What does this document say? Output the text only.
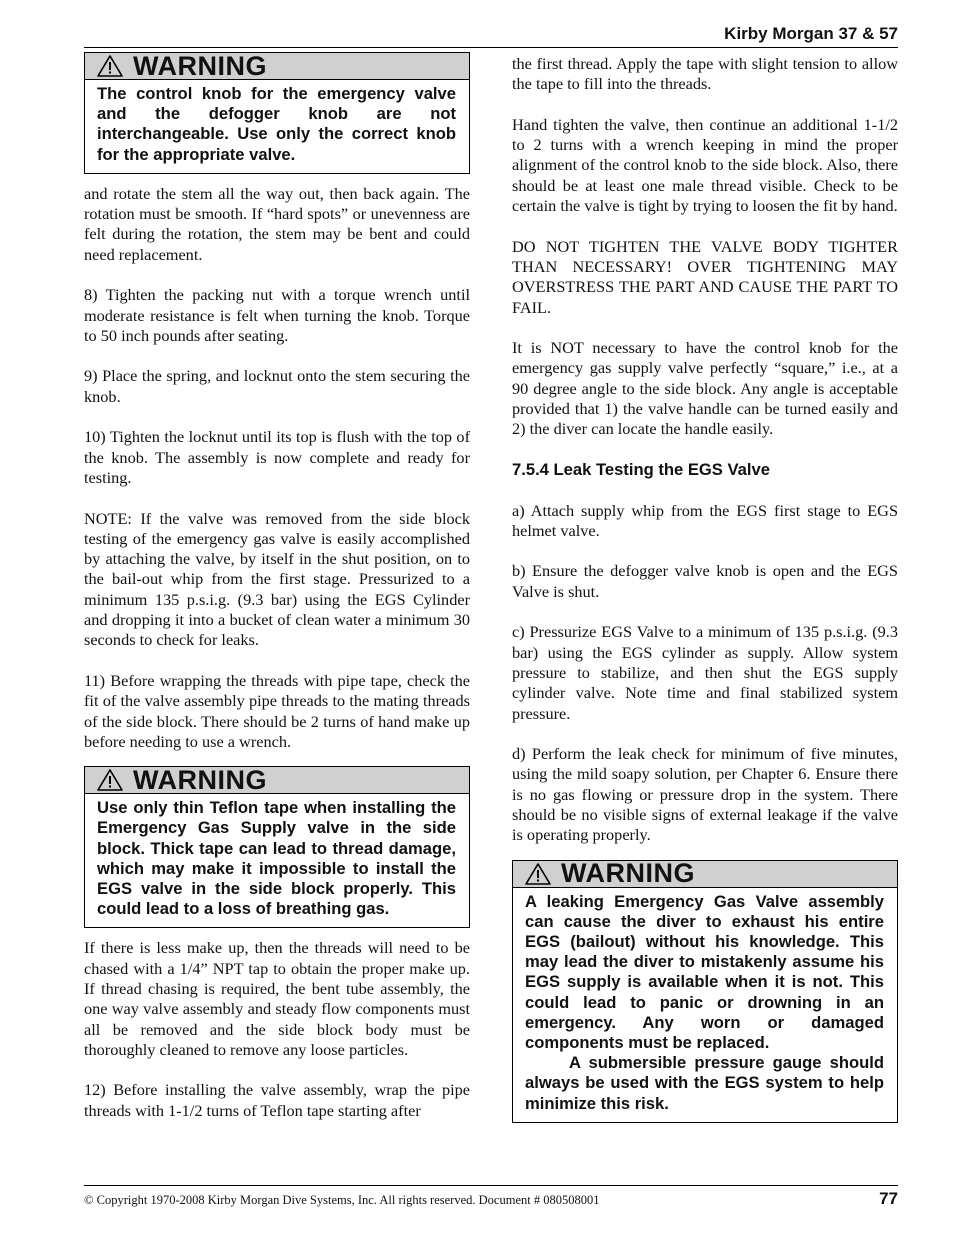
Kirby Morgan 37 & 57
WARNING
The control knob for the emergency valve and the defogger knob are not interchangeable. Use only the correct knob for the appropriate valve.

and rotate the stem all the way out, then back again. The rotation must be smooth. If “hard spots” or unevenness are felt during the rotation, the stem may be bent and could need replacement.

8) Tighten the packing nut with a torque wrench until moderate resistance is felt when turning the knob. Torque to 50 inch pounds after seating.

9) Place the spring, and locknut onto the stem securing the knob.

10) Tighten the locknut until its top is flush with the top of the knob. The assembly is now complete and ready for testing.

NOTE: If the valve was removed from the side block testing of the emergency gas valve is easily accomplished by attaching the valve, by itself in the shut position, on to the bail-out whip from the first stage. Pressurized to a minimum 135 p.s.i.g. (9.3 bar) using the EGS Cylinder and dropping it into a bucket of clean water a minimum 30 seconds to check for leaks.

11) Before wrapping the threads with pipe tape, check the fit of the valve assembly pipe threads to the mating threads of the side block. There should be 2 turns of hand make up before needing to use a wrench.

WARNING
Use only thin Teflon tape when installing the Emergency Gas Supply valve in the side block. Thick tape can lead to thread damage, which may make it impossible to install the EGS valve in the side block properly. This could lead to a loss of breathing gas.

If there is less make up, then the threads will need to be chased with a 1/4” NPT tap to obtain the proper make up. If thread chasing is required, the bent tube assembly, the one way valve assembly and steady flow components must all be removed and the side block body must be thoroughly cleaned to remove any loose particles.

12) Before installing the valve assembly, wrap the pipe threads with 1-1/2 turns of Teflon tape starting after

the first thread. Apply the tape with slight tension to allow the tape to fill into the threads.

Hand tighten the valve, then continue an additional 1-1/2 to 2 turns with a wrench keeping in mind the proper alignment of the control knob to the side block. Also, there should be at least one male thread visible. Check to be certain the valve is tight by trying to loosen the fit by hand.

DO NOT TIGHTEN THE VALVE BODY TIGHTER THAN NECESSARY! OVER TIGHTENING MAY OVERSTRESS THE PART AND CAUSE THE PART TO FAIL.

It is NOT necessary to have the control knob for the emergency gas supply valve perfectly “square,” i.e., at a 90 degree angle to the side block. Any angle is acceptable provided that 1) the valve handle can be turned easily and 2) the diver can locate the handle easily.

7.5.4 Leak Testing the EGS Valve

a) Attach supply whip from the EGS first stage to EGS helmet valve.

b) Ensure the defogger valve knob is open and the EGS Valve is shut.

c) Pressurize EGS Valve to a minimum of 135 p.s.i.g. (9.3 bar) using the EGS cylinder as supply. Allow system pressure to stabilize, and then shut the EGS supply cylinder valve. Note time and final stabilized system pressure.

d) Perform the leak check for minimum of five minutes, using the mild soapy solution, per Chapter 6. Ensure there is no gas flowing or pressure drop in the system. There should be no visible signs of external leakage if the valve is operating properly.

WARNING

A leaking Emergency Gas Valve assembly can cause the diver to exhaust his entire EGS (bailout) without his knowledge. This may lead the diver to mistakenly assume his EGS supply is available when it is not. This could lead to panic or drowning in an emergency. Any worn or damaged components must be replaced.

A submersible pressure gauge should always be used with the EGS system to help minimize this risk.

© Copyright 1970-2008 Kirby Morgan Dive Systems, Inc. All rights reserved. Document # 080508001	77
